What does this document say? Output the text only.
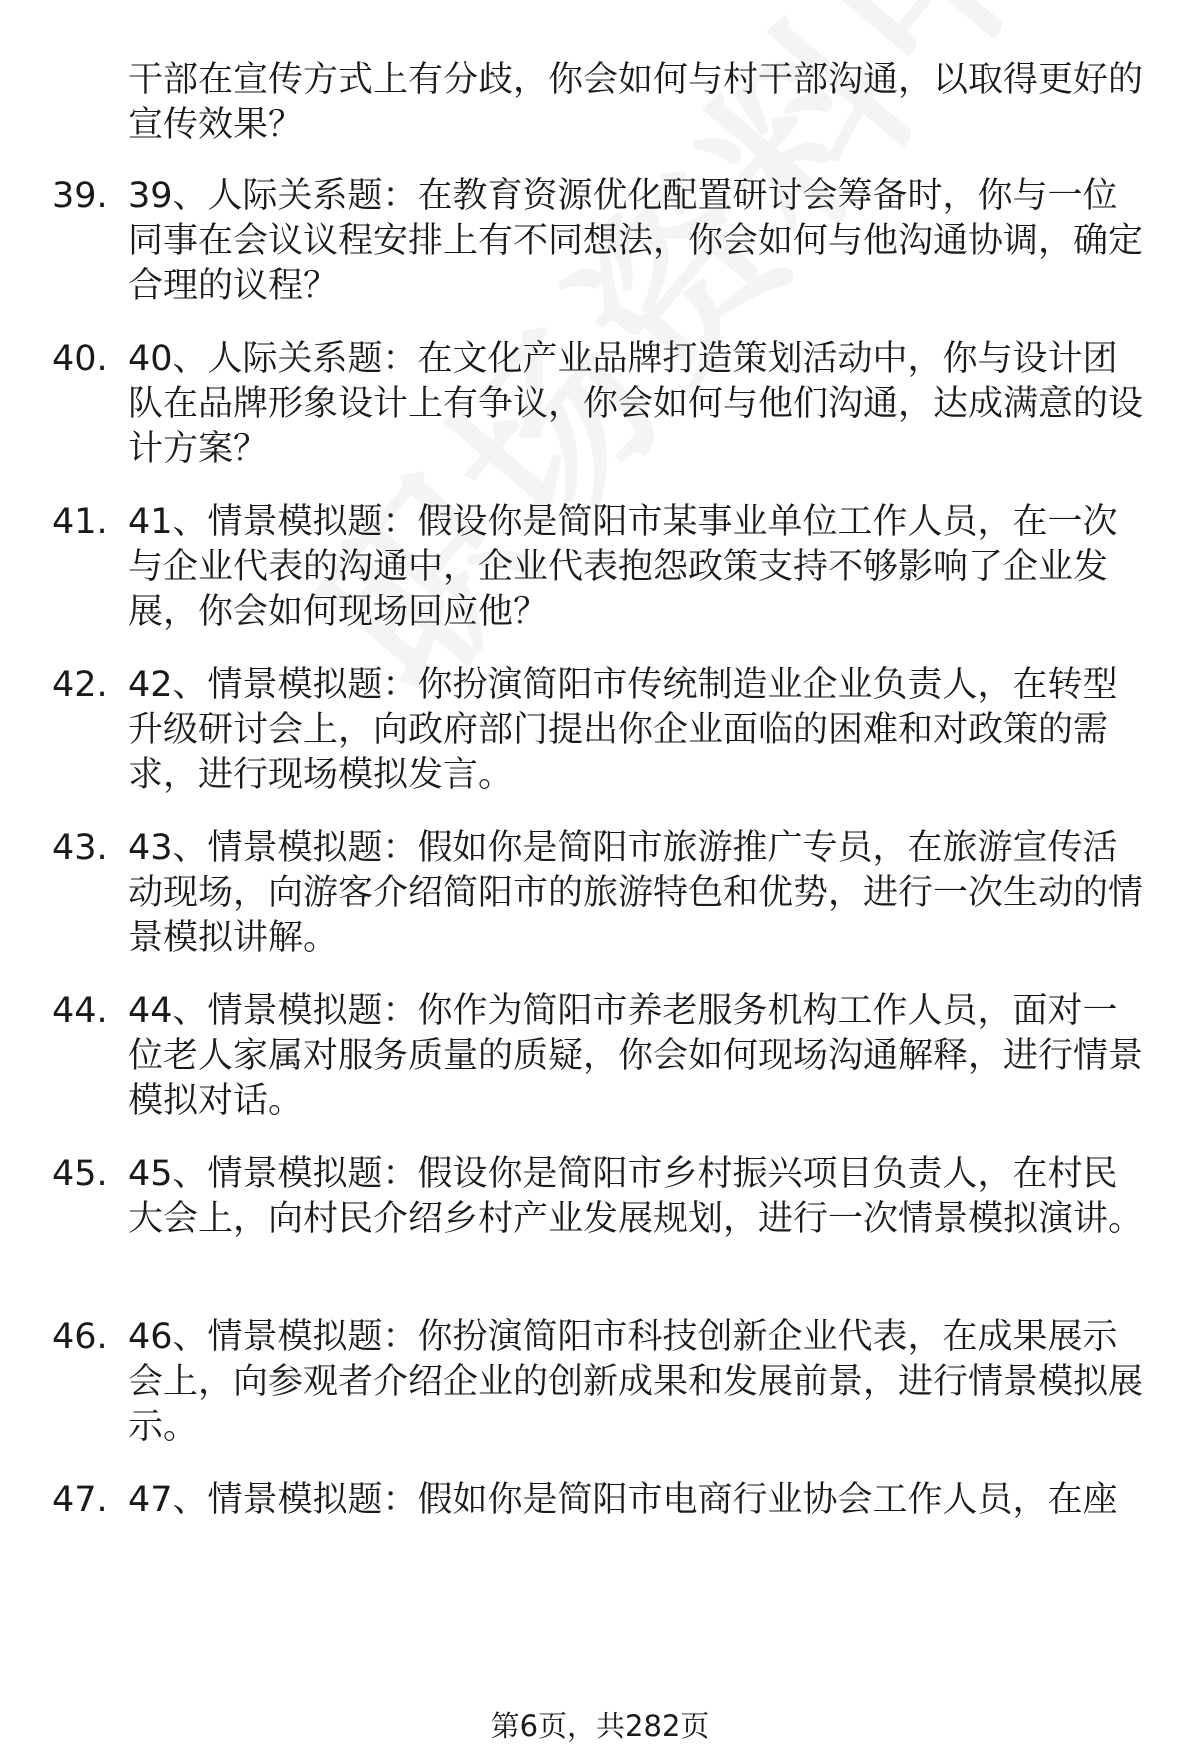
干部在宣传方式上有分歧，你会如何与村干部沟通，以取得更好的宣传效果？
39. 39、人际关系题：在教育资源优化配置研讨会筹备时，你与一位同事在会议议程安排上有不同想法，你会如何与他沟通协调，确定合理的议程？
40. 40、人际关系题：在文化产业品牌打造策划活动中，你与设计团队在品牌形象设计上有争议，你会如何与他们沟通，达成满意的设计方案？
41. 41、情景模拟题：假设你是简阳市某事业单位工作人员，在一次与企业代表的沟通中，企业代表抱怨政策支持不够影响了企业发展，你会如何现场回应他？
42. 42、情景模拟题：你扮演简阳市传统制造业企业负责人，在转型升级研讨会上，向政府部门提出你企业面临的困难和对政策的需求，进行现场模拟发言。
43. 43、情景模拟题：假如你是简阳市旅游推广专员，在旅游宣传活动现场，向游客介绍简阳市的旅游特色和优势，进行一次生动的情景模拟讲解。
44. 44、情景模拟题：你作为简阳市养老服务机构工作人员，面对一位老人家属对服务质量的质疑，你会如何现场沟通解释，进行情景模拟对话。
45. 45、情景模拟题：假设你是简阳市乡村振兴项目负责人，在村民大会上，向村民介绍乡村产业发展规划，进行一次情景模拟演讲。
46. 46、情景模拟题：你扮演简阳市科技创新企业代表，在成果展示会上，向参观者介绍企业的创新成果和发展前景，进行情景模拟展示。
47. 47、情景模拟题：假如你是简阳市电商行业协会工作人员，在座
第6页，共282页
